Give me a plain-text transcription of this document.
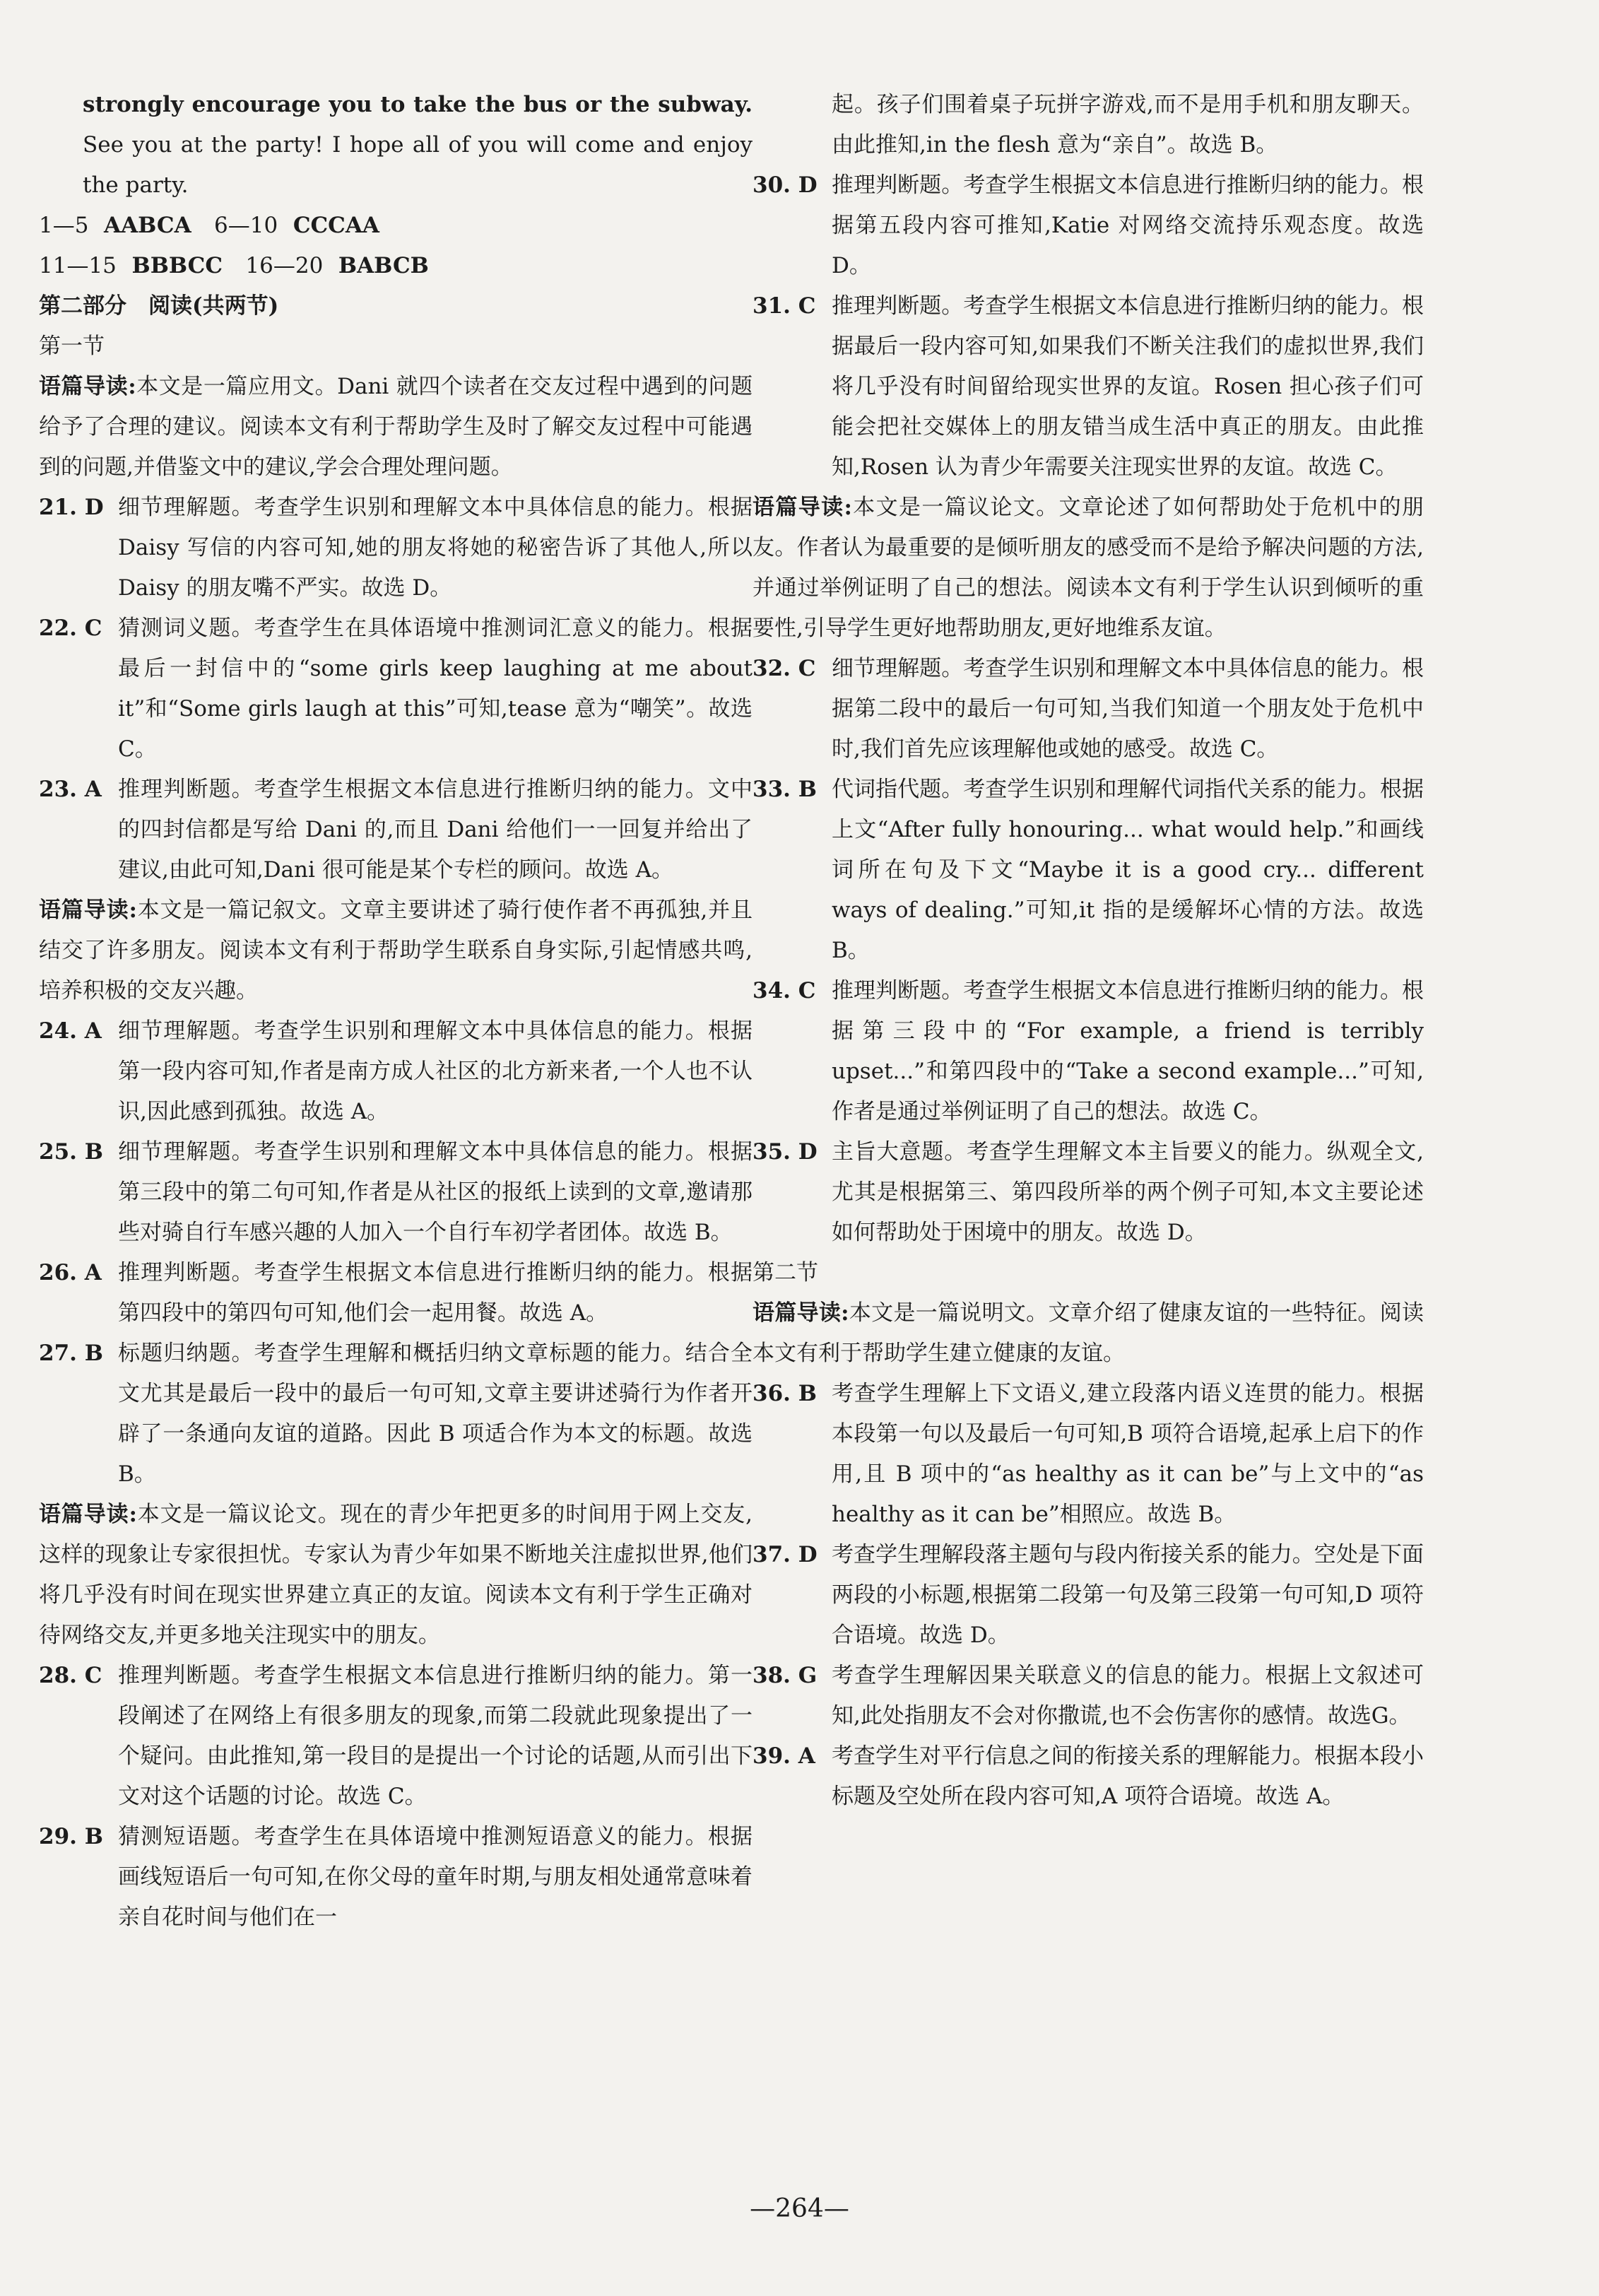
strongly encourage you to take the bus or the subway. See you at the party! I hope all of you will come and enjoy the party.

1—5 AABCA 6—10 CCCAA

11—15 BBBCC 16—20 BABCB

第二部分　阅读(共两节)

第一节

语篇导读:本文是一篇应用文。Dani 就四个读者在交友过程中遇到的问题给予了合理的建议。阅读本文有利于帮助学生及时了解交友过程中可能遇到的问题,并借鉴文中的建议,学会合理处理问题。

21. D 细节理解题。考查学生识别和理解文本中具体信息的能力。根据 Daisy 写信的内容可知,她的朋友将她的秘密告诉了其他人,所以 Daisy 的朋友嘴不严实。故选 D。
22. C 猜测词义题。考查学生在具体语境中推测词汇意义的能力。根据最后一封信中的“some girls keep laughing at me about it”和“Some girls laugh at this”可知,tease 意为“嘲笑”。故选 C。
23. A 推理判断题。考查学生根据文本信息进行推断归纳的能力。文中的四封信都是写给 Dani 的,而且 Dani 给他们一一回复并给出了建议,由此可知,Dani 很可能是某个专栏的顾问。故选 A。

语篇导读:本文是一篇记叙文。文章主要讲述了骑行使作者不再孤独,并且结交了许多朋友。阅读本文有利于帮助学生联系自身实际,引起情感共鸣,培养积极的交友兴趣。

24. A 细节理解题。考查学生识别和理解文本中具体信息的能力。根据第一段内容可知,作者是南方成人社区的北方新来者,一个人也不认识,因此感到孤独。故选 A。
25. B 细节理解题。考查学生识别和理解文本中具体信息的能力。根据第三段中的第二句可知,作者是从社区的报纸上读到的文章,邀请那些对骑自行车感兴趣的人加入一个自行车初学者团体。故选 B。
26. A 推理判断题。考查学生根据文本信息进行推断归纳的能力。根据第四段中的第四句可知,他们会一起用餐。故选 A。
27. B 标题归纳题。考查学生理解和概括归纳文章标题的能力。结合全文尤其是最后一段中的最后一句可知,文章主要讲述骑行为作者开辟了一条通向友谊的道路。因此 B 项适合作为本文的标题。故选 B。

语篇导读:本文是一篇议论文。现在的青少年把更多的时间用于网上交友,这样的现象让专家很担忧。专家认为青少年如果不断地关注虚拟世界,他们将几乎没有时间在现实世界建立真正的友谊。阅读本文有利于学生正确对待网络交友,并更多地关注现实中的朋友。

28. C 推理判断题。考查学生根据文本信息进行推断归纳的能力。第一段阐述了在网络上有很多朋友的现象,而第二段就此现象提出了一个疑问。由此推知,第一段目的是提出一个讨论的话题,从而引出下文对这个话题的讨论。故选 C。
29. B 猜测短语题。考查学生在具体语境中推测短语意义的能力。根据画线短语后一句可知,在你父母的童年时期,与朋友相处通常意味着亲自花时间与他们在一

起。孩子们围着桌子玩拼字游戏,而不是用手机和朋友聊天。由此推知,in the flesh 意为“亲自”。故选 B。

30. D 推理判断题。考查学生根据文本信息进行推断归纳的能力。根据第五段内容可推知,Katie 对网络交流持乐观态度。故选 D。
31. C 推理判断题。考查学生根据文本信息进行推断归纳的能力。根据最后一段内容可知,如果我们不断关注我们的虚拟世界,我们将几乎没有时间留给现实世界的友谊。Rosen 担心孩子们可能会把社交媒体上的朋友错当成生活中真正的朋友。由此推知,Rosen 认为青少年需要关注现实世界的友谊。故选 C。

语篇导读:本文是一篇议论文。文章论述了如何帮助处于危机中的朋友。作者认为最重要的是倾听朋友的感受而不是给予解决问题的方法,并通过举例证明了自己的想法。阅读本文有利于学生认识到倾听的重要性,引导学生更好地帮助朋友,更好地维系友谊。

32. C 细节理解题。考查学生识别和理解文本中具体信息的能力。根据第二段中的最后一句可知,当我们知道一个朋友处于危机中时,我们首先应该理解他或她的感受。故选 C。
33. B 代词指代题。考查学生识别和理解代词指代关系的能力。根据上文“After fully honouring... what would help.”和画线词所在句及下文“Maybe it is a good cry... different ways of dealing.”可知,it 指的是缓解坏心情的方法。故选 B。
34. C 推理判断题。考查学生根据文本信息进行推断归纳的能力。根据第三段中的“For example, a friend is terribly upset...”和第四段中的“Take a second example...”可知,作者是通过举例证明了自己的想法。故选 C。
35. D 主旨大意题。考查学生理解文本主旨要义的能力。纵观全文,尤其是根据第三、第四段所举的两个例子可知,本文主要论述如何帮助处于困境中的朋友。故选 D。

第二节

语篇导读:本文是一篇说明文。文章介绍了健康友谊的一些特征。阅读本文有利于帮助学生建立健康的友谊。

36. B 考查学生理解上下文语义,建立段落内语义连贯的能力。根据本段第一句以及最后一句可知,B 项符合语境,起承上启下的作用,且 B 项中的“as healthy as it can be”与上文中的“as healthy as it can be”相照应。故选 B。
37. D 考查学生理解段落主题句与段内衔接关系的能力。空处是下面两段的小标题,根据第二段第一句及第三段第一句可知,D 项符合语境。故选 D。
38. G 考查学生理解因果关联意义的信息的能力。根据上文叙述可知,此处指朋友不会对你撒谎,也不会伤害你的感情。故选G。
39. A 考查学生对平行信息之间的衔接关系的理解能力。根据本段小标题及空处所在段内容可知,A 项符合语境。故选 A。
—264—
